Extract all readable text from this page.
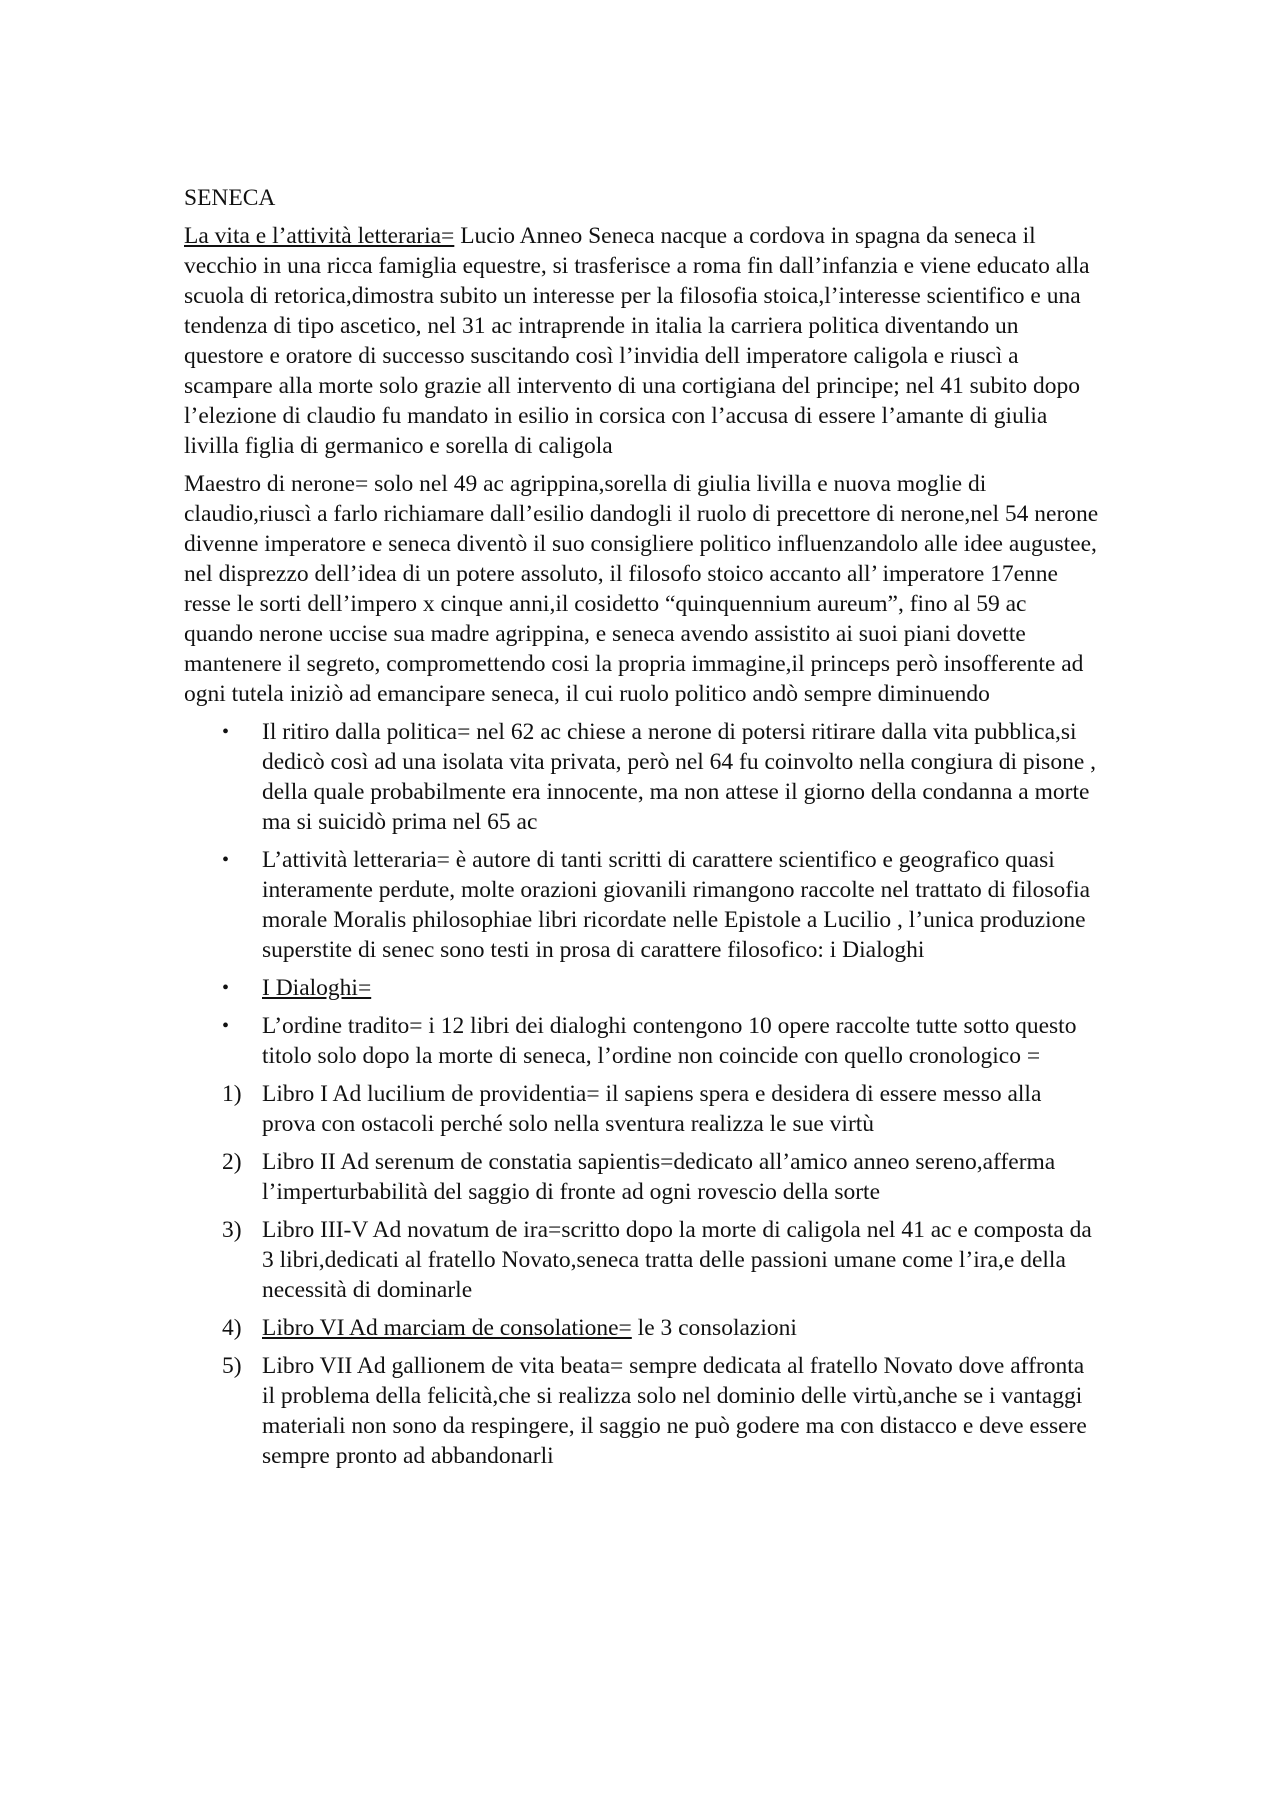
SENECA

La vita e l’attività letteraria= Lucio Anneo Seneca nacque a cordova in spagna da seneca il vecchio in una ricca famiglia equestre, si trasferisce a roma fin dall’infanzia e viene educato alla scuola di retorica,dimostra subito un interesse per la filosofia stoica,l’interesse scientifico e una tendenza di tipo ascetico, nel 31 ac intraprende in italia la carriera politica diventando un questore e oratore di successo suscitando così l’invidia dell imperatore caligola e riuscì a scampare alla morte solo grazie all intervento di una cortigiana del principe; nel 41 subito dopo l’elezione di claudio fu mandato in esilio in corsica con l’accusa di essere l’amante di giulia livilla figlia di germanico e sorella di caligola

Maestro di nerone= solo nel 49 ac agrippina,sorella di giulia livilla e nuova moglie di claudio,riuscì a farlo richiamare dall’esilio dandogli il ruolo di precettore di nerone,nel 54 nerone divenne imperatore e seneca diventò il suo consigliere politico influenzandolo alle idee augustee, nel disprezzo dell’idea di un potere assoluto, il filosofo stoico accanto all’ imperatore 17enne resse le sorti dell’impero x cinque anni,il cosidetto “quinquennium aureum”, fino al 59 ac quando nerone uccise sua madre agrippina, e seneca avendo assistito ai suoi piani dovette mantenere il segreto, compromettendo cosi la propria immagine,il princeps però insofferente ad ogni tutela iniziò ad emancipare seneca, il cui ruolo politico andò sempre diminuendo

• Il ritiro dalla politica= nel 62 ac chiese a nerone di potersi ritirare dalla vita pubblica,si dedicò così ad una isolata vita privata, però nel 64 fu coinvolto nella congiura di pisone , della quale probabilmente era innocente, ma non attese il giorno della condanna a morte ma si suicidò prima nel 65 ac
• L’attività letteraria= è autore di tanti scritti di carattere scientifico e geografico quasi interamente perdute, molte orazioni giovanili rimangono raccolte nel trattato di filosofia morale Moralis philosophiae libri ricordate nelle Epistole a Lucilio , l’unica produzione superstite di senec sono testi in prosa di carattere filosofico: i Dialoghi
• I Dialoghi=
• L’ordine tradito= i 12 libri dei dialoghi contengono 10 opere raccolte tutte sotto questo titolo solo dopo la morte di seneca, l’ordine non coincide con quello cronologico =
1) Libro I Ad lucilium de providentia= il sapiens spera e desidera di essere messo alla prova con ostacoli perché solo nella sventura realizza le sue virtù
2) Libro II Ad serenum de constatia sapientis=dedicato all’amico anneo sereno,afferma l’imperturbabilità del saggio di fronte ad ogni rovescio della sorte
3) Libro III-V Ad novatum de ira=scritto dopo la morte di caligola nel 41 ac e composta da 3 libri,dedicati al fratello Novato,seneca tratta delle passioni umane come l’ira,e della necessità di dominarle
4) Libro VI Ad marciam de consolatione= le 3 consolazioni
5) Libro VII Ad gallionem de vita beata= sempre dedicata al fratello Novato dove affronta il problema della felicità,che si realizza solo nel dominio delle virtù,anche se i vantaggi materiali non sono da respingere, il saggio ne può godere ma con distacco e deve essere sempre pronto ad abbandonarli
